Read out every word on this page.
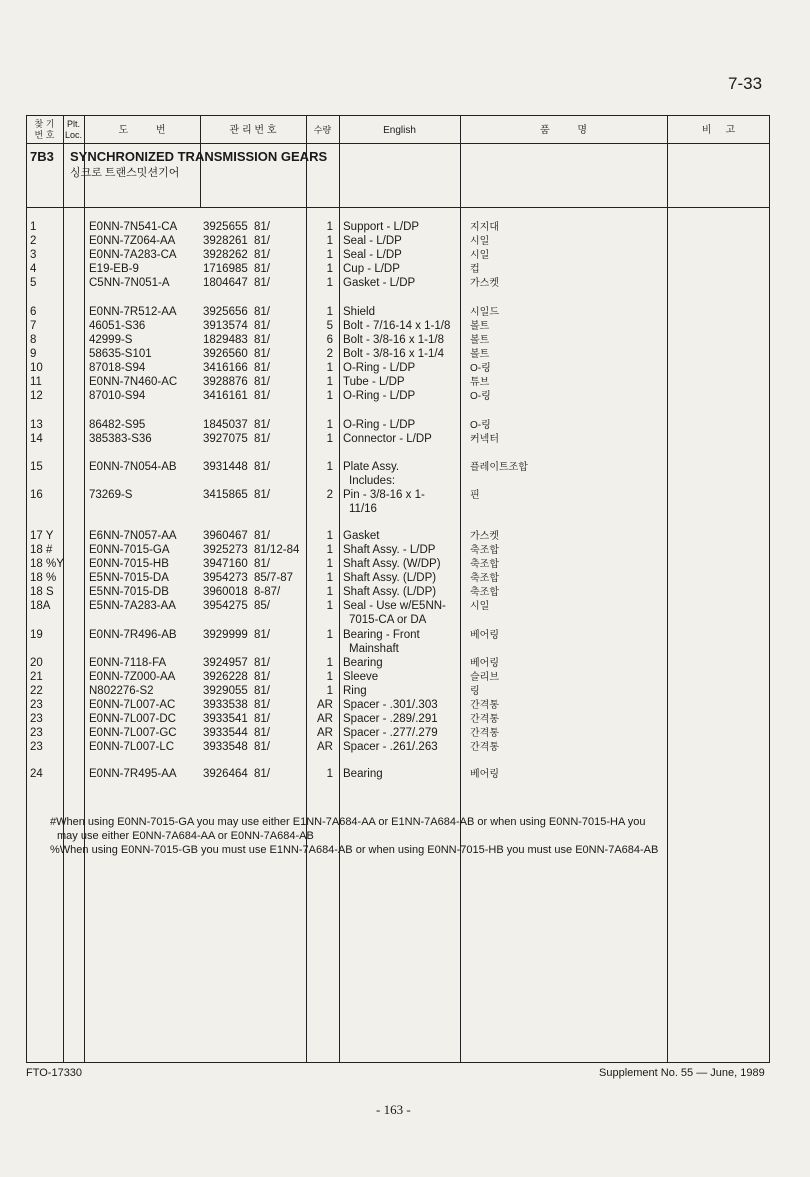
7-33
찾 기
번 호
Plt.
Loc.	도          번	관 리 번 호	수량	English	품          명	비     고
7B3 SYNCHRONIZED TRANSMISSION GEARS
싱크로 트랜스밋션기어
1	E0NN-7N541-CA 3925655 81/	1 Support - L/DP	지지대
2	E0NN-7Z064-AA 3928261 81/	1 Seal - L/DP	시일
3	E0NN-7A283-CA 3928262 81/	1 Seal - L/DP	시일
4	E19-EB-9	1716985 81/	1 Cup - L/DP	컵
5	C5NN-7N051-A	1804647 81/	1 Gasket - L/DP	가스켓
6	E0NN-7R512-AA 3925656 81/	1 Shield	시일드
7	46051-S36	3913574 81/	5 Bolt - 7/16-14 x 1-1/8 볼트
8	42999-S	1829483 81/	6 Bolt - 3/8-16 x 1-1/8	볼트
9	58635-S101	3926560 81/	2 Bolt - 3/8-16 x 1-1/4	볼트
10	87018-S94	3416166 81/	1 O-Ring - L/DP	O-링
11	E0NN-7N460-AC 3928876 81/	1 Tube - L/DP	튜브
12	87010-S94	3416161 81/	1 O-Ring - L/DP	O-링
13	86482-S95	1845037 81/	1 O-Ring - L/DP	O-링
14	385383-S36	3927075 81/	1 Connector - L/DP	커넥터
15	E0NN-7N054-AB 3931448 81/	1 Plate Assy.	플레이트조합
Includes:
16	73269-S	3415865 81/	2 Pin - 3/8-16 x 1-	핀
11/16
17 Y	E6NN-7N057-AA 3960467 81/	1 Gasket	가스켓
18 #	E0NN-7015-GA	3925273 81/12-84	1 Shaft Assy. - L/DP	축조합
18 %Y E0NN-7015-HB	3947160 81/	1 Shaft Assy. (W/DP)	축조합
18 %	E5NN-7015-DA	3954273 85/7-87	1 Shaft Assy. (L/DP)	축조합
18 S	E5NN-7015-DB	3960018 8-87/	1 Shaft Assy. (L/DP)	축조합
18A	E5NN-7A283-AA 3954275 85/	1 Seal - Use w/E5NN- 시일
7015-CA or DA
19	E0NN-7R496-AB 3929999 81/	1 Bearing - Front	베어링
Mainshaft
20	E0NN-7118-FA	3924957 81/	1 Bearing	베어링
21	E0NN-7Z000-AA 3926228 81/	1 Sleeve	슬리브
22	N802276-S2	3929055 81/	1 Ring	링
23	E0NN-7L007-AC 3933538 81/	AR Spacer - .301/.303	간격통
23	E0NN-7L007-DC 3933541 81/	AR Spacer - .289/.291	간격통
23	E0NN-7L007-GC 3933544 81/	AR Spacer - .277/.279	간격통
23	E0NN-7L007-LC	3933548 81/	AR Spacer - .261/.263	간격통
24	E0NN-7R495-AA 3926464 81/	1 Bearing	베어링
#When using E0NN-7015-GA you may use either E1NN-7A684-AA or E1NN-7A684-AB or when using E0NN-7015-HA you
may use either E0NN-7A684-AA or E0NN-7A684-AB
%When using E0NN-7015-GB you must use E1NN-7A684-AB or when using E0NN-7015-HB you must use E0NN-7A684-AB
FTO-17330	Supplement No. 55 — June, 1989
- 163 -
